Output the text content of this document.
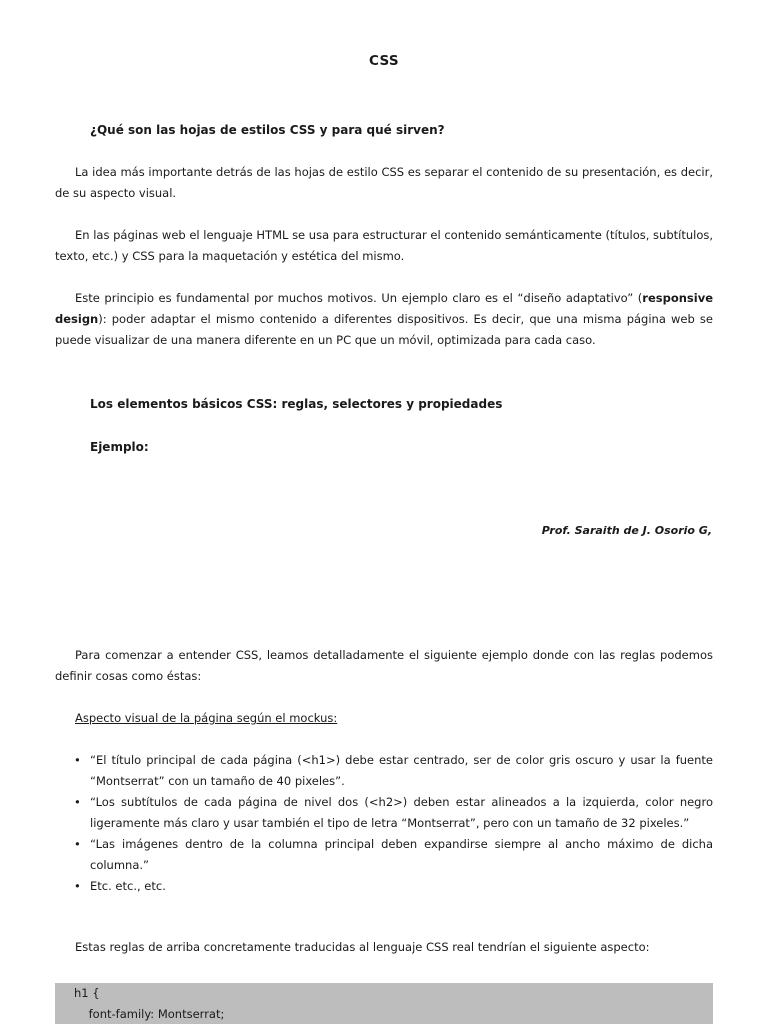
CSS
¿Qué son las hojas de estilos CSS y para qué sirven?

La idea más importante detrás de las hojas de estilo CSS es separar el contenido de su presentación, es decir, de su aspecto visual.

En las páginas web el lenguaje HTML se usa para estructurar el contenido semánticamente (títulos, subtítulos, texto, etc.) y CSS para la maquetación y estética del mismo.

Este principio es fundamental por muchos motivos. Un ejemplo claro es el “diseño adaptativo” (responsive design): poder adaptar el mismo contenido a diferentes dispositivos. Es decir, que una misma página web se puede visualizar de una manera diferente en un PC que un móvil, optimizada para cada caso.

Los elementos básicos CSS: reglas, selectores y propiedades
Ejemplo:
Prof. Saraith de J. Osorio G,

Para comenzar a entender CSS, leamos detalladamente el siguiente ejemplo donde con las reglas podemos definir cosas como éstas:

Aspecto visual de la página según el mockus:
• “El título principal de cada página (<h1>) debe estar centrado, ser de color gris oscuro y usar la fuente “Montserrat” con un tamaño de 40 pixeles”.
• “Los subtítulos de cada página de nivel dos (<h2>) deben estar alineados a la izquierda, color negro ligeramente más claro y usar también el tipo de letra “Montserrat”, pero con un tamaño de 32 pixeles.”
• “Las imágenes dentro de la columna principal deben expandirse siempre al ancho máximo de dicha columna.”
• Etc. etc., etc.

Estas reglas de arriba concretamente traducidas al lenguaje CSS real tendrían el siguiente aspecto:

h1 {
font-family: Montserrat;
